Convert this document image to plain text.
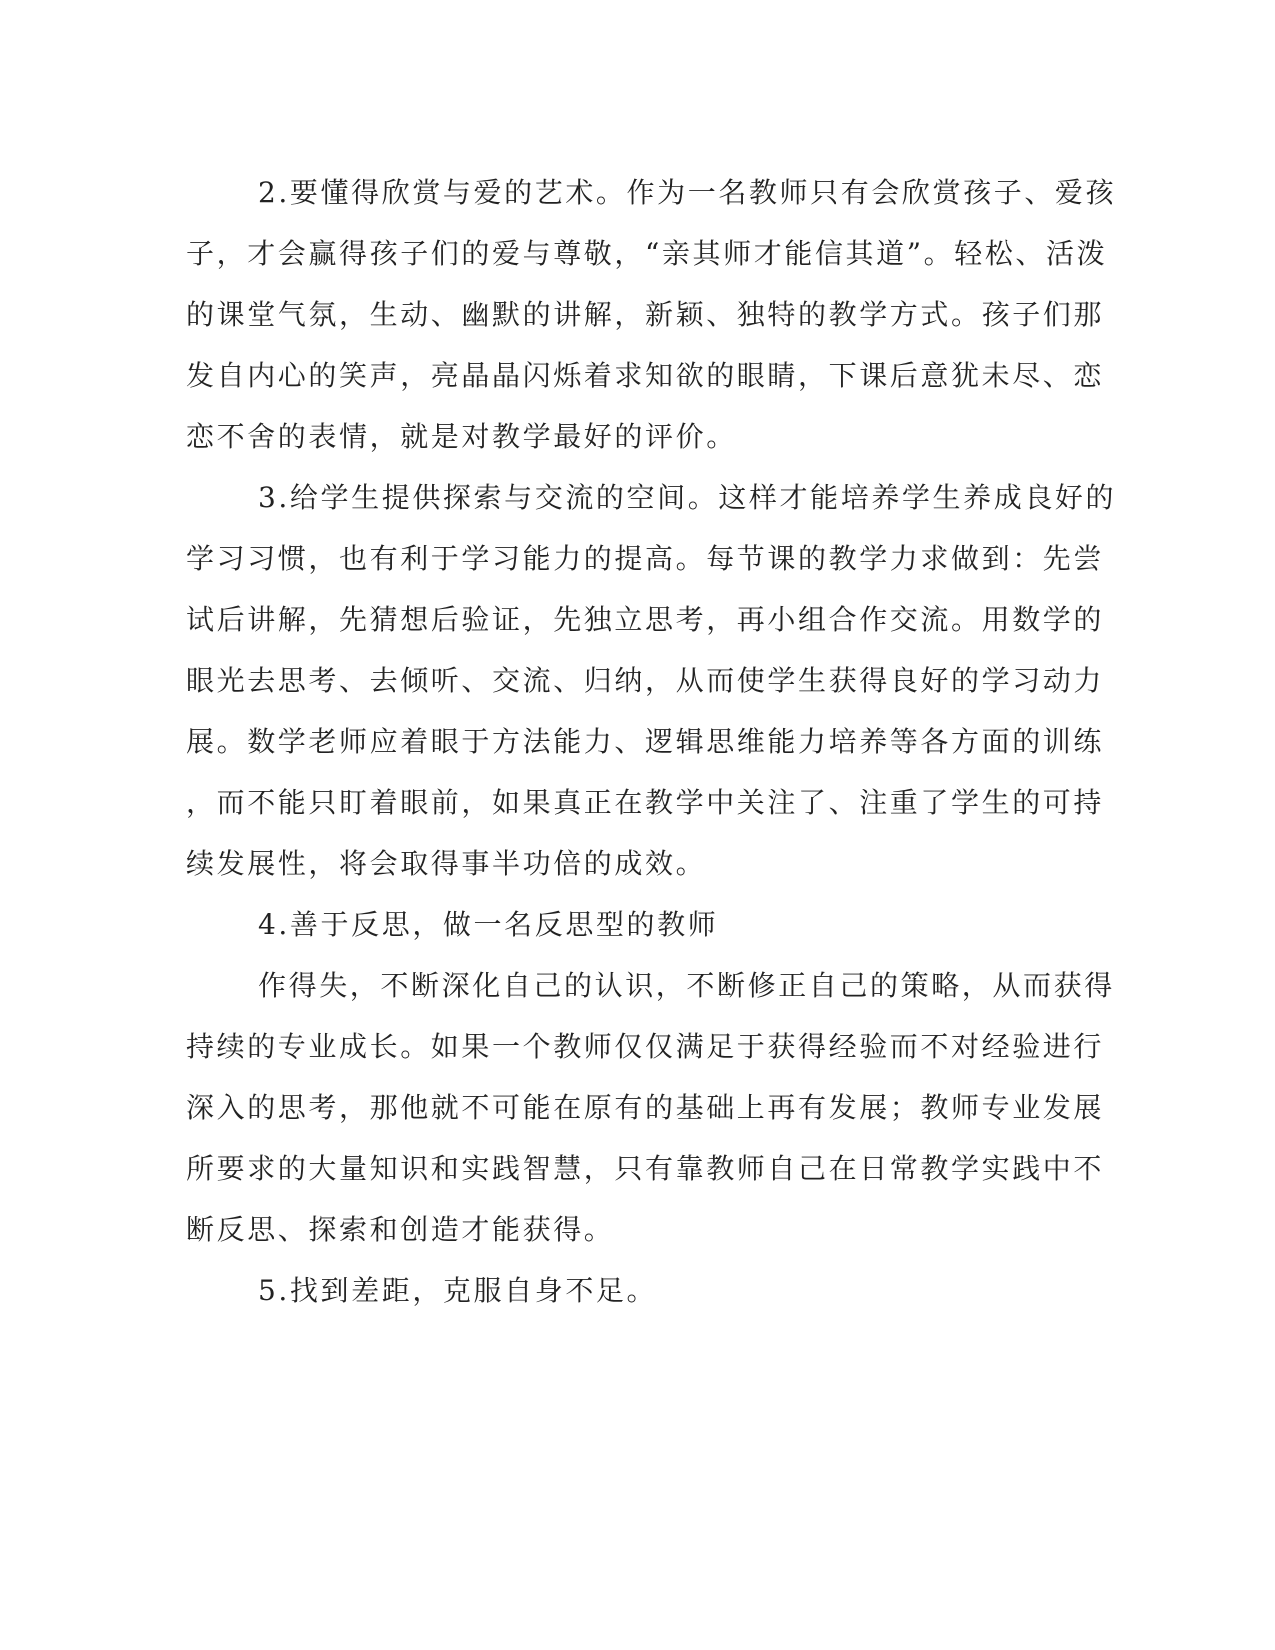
2.要懂得欣赏与爱的艺术。作为一名教师只有会欣赏孩子、爱孩
子，才会赢得孩子们的爱与尊敬，“亲其师才能信其道”。轻松、活泼
的课堂气氛，生动、幽默的讲解，新颖、独特的教学方式。孩子们那
发自内心的笑声，亮晶晶闪烁着求知欲的眼睛，下课后意犹未尽、恋
恋不舍的表情，就是对教学最好的评价。
3.给学生提供探索与交流的空间。这样才能培养学生养成良好的
学习习惯，也有利于学习能力的提高。每节课的教学力求做到：先尝
试后讲解，先猜想后验证，先独立思考，再小组合作交流。用数学的
眼光去思考、去倾听、交流、归纳，从而使学生获得良好的学习动力
展。数学老师应着眼于方法能力、逻辑思维能力培养等各方面的训练
，而不能只盯着眼前，如果真正在教学中关注了、注重了学生的可持
续发展性，将会取得事半功倍的成效。
4.善于反思，做一名反思型的教师
作得失，不断深化自己的认识，不断修正自己的策略，从而获得
持续的专业成长。如果一个教师仅仅满足于获得经验而不对经验进行
深入的思考，那他就不可能在原有的基础上再有发展；教师专业发展
所要求的大量知识和实践智慧，只有靠教师自己在日常教学实践中不
断反思、探索和创造才能获得。
5.找到差距，克服自身不足。
